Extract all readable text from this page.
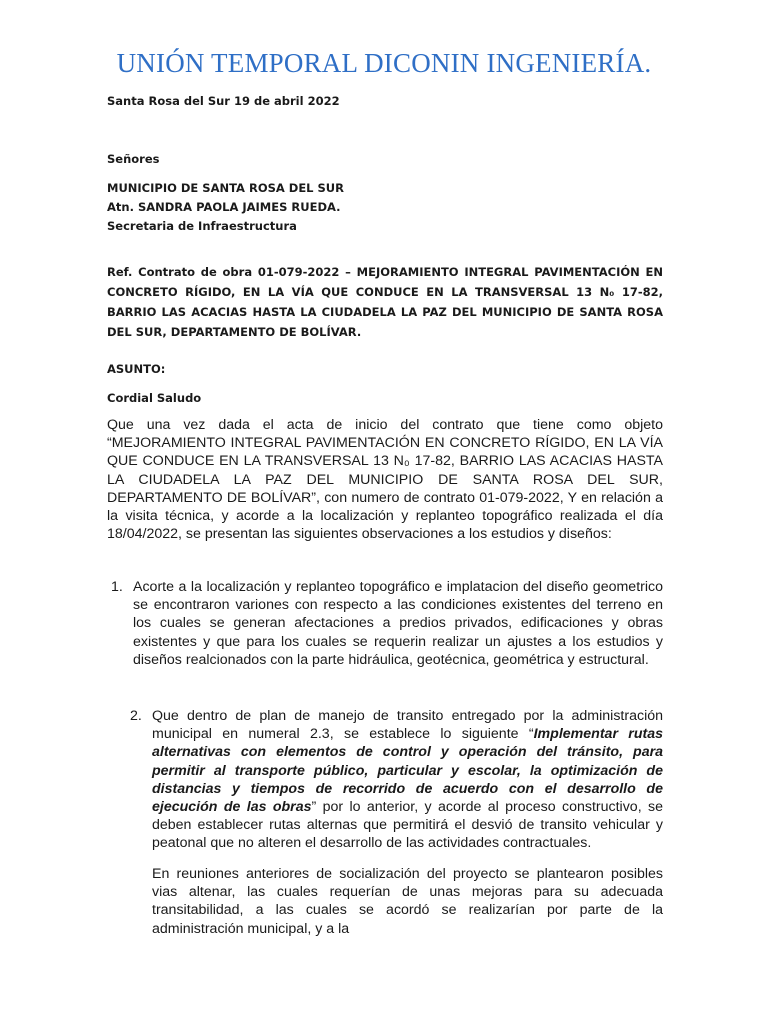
UNIÓN TEMPORAL DICONIN INGENIERÍA.

Santa Rosa del Sur 19 de abril 2022

Señores

MUNICIPIO DE SANTA ROSA DEL SUR

Atn. SANDRA PAOLA JAIMES RUEDA.

Secretaria de Infraestructura

Ref. Contrato de obra 01-079-2022 – MEJORAMIENTO INTEGRAL PAVIMENTACIÓN EN CONCRETO RÍGIDO, EN LA VÍA QUE CONDUCE EN LA TRANSVERSAL 13 N₀ 17-82, BARRIO LAS ACACIAS HASTA LA CIUDADELA LA PAZ DEL MUNICIPIO DE SANTA ROSA DEL SUR, DEPARTAMENTO DE BOLÍVAR.

ASUNTO:

Cordial Saludo

Que una vez dada el acta de inicio del contrato que tiene como objeto “MEJORAMIENTO INTEGRAL PAVIMENTACIÓN EN CONCRETO RÍGIDO, EN LA VÍA QUE CONDUCE EN LA TRANSVERSAL 13 N₀ 17-82, BARRIO LAS ACACIAS HASTA LA CIUDADELA LA PAZ DEL MUNICIPIO DE SANTA ROSA DEL SUR, DEPARTAMENTO DE BOLÍVAR”, con numero de contrato 01-079-2022, Y en relación a la visita técnica, y acorde a la localización y replanteo topográfico realizada el día 18/04/2022, se presentan las siguientes observaciones a los estudios y diseños:

1. Acorte a la localización y replanteo topográfico e implatacion del diseño geometrico se encontraron variones con respecto a las condiciones existentes del terreno en los cuales se generan afectaciones a predios privados, edificaciones y obras existentes y que para los cuales se requerin realizar un ajustes a los estudios y diseños realcionados con la parte hidráulica, geotécnica, geométrica y estructural.

2. Que dentro de plan de manejo de transito entregado por la administración municipal en numeral 2.3, se establece lo siguiente “Implementar rutas alternativas con elementos de control y operación del tránsito, para permitir al transporte público, particular y escolar, la optimización de distancias y tiempos de recorrido de acuerdo con el desarrollo de ejecución de las obras” por lo anterior, y acorde al proceso constructivo, se deben establecer rutas alternas que permitirá el desvió de transito vehicular y peatonal que no alteren el desarrollo de las actividades contractuales.

En reuniones anteriores de socialización del proyecto se plantearon posibles vias altenar, las cuales requerían de unas mejoras para su adecuada transitabilidad, a las cuales se acordó se realizarían por parte de la administración municipal, y a la
